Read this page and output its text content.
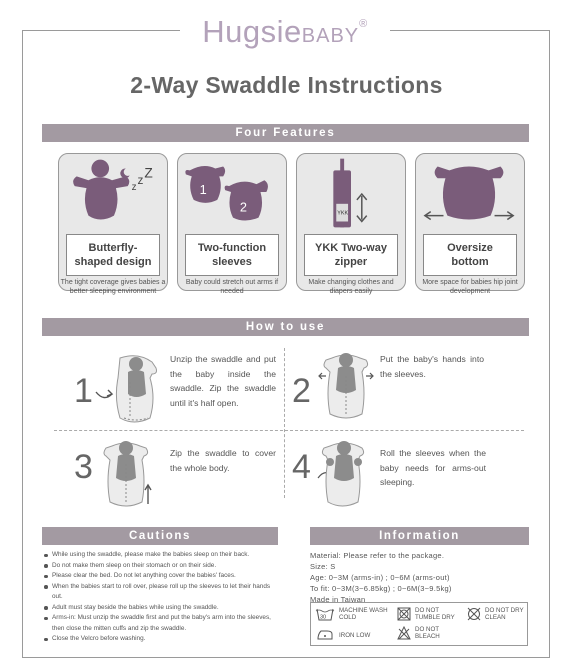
HugsieBABY®
2-Way Swaddle Instructions
Four Features
z
z
Z
Butterfly-shaped design
The tight coverage gives babies a better sleeping environment
1
2
Two-function sleeves
Baby could stretch out arms if needed
YKK
YKK Two-way zipper
Make changing clothes and diapers easily
Oversize bottom
More space for babies hip joint development
How to use
1
Unzip the swaddle and put the baby inside the swaddle. Zip the swaddle until it's half open.	2
Put the baby's hands into the sleeves.
3	Zip the swaddle to cover the whole body.	4	Roll the sleeves when the baby needs for arms-out sleeping.
Cautions
While using the swaddle, please make the babies sleep on their back.
Do not make them sleep on their stomach or on their side.
Please clear the bed. Do not let anything cover the babies' faces.
When the babies start to roll over, please roll up the sleeves to let their hands out.
Adult must stay beside the babies while using the swaddle.
Arms-in: Must unzip the swaddle first and put the baby's arm into the sleeves, then close the mitten cuffs and zip the swaddle.
Close the Velcro before washing.
Information
Material: Please refer to the package.
Size: S
Age: 0~3M (arms-in) ; 0~6M (arms-out)
To fit: 0~3M(3~6.85kg) ; 0~6M(3~9.5kg)
Made in Taiwan
30
MACHINE WASH COLD
DO NOT TUMBLE DRY
DO NOT DRY CLEAN
IRON LOW
DO NOT BLEACH
